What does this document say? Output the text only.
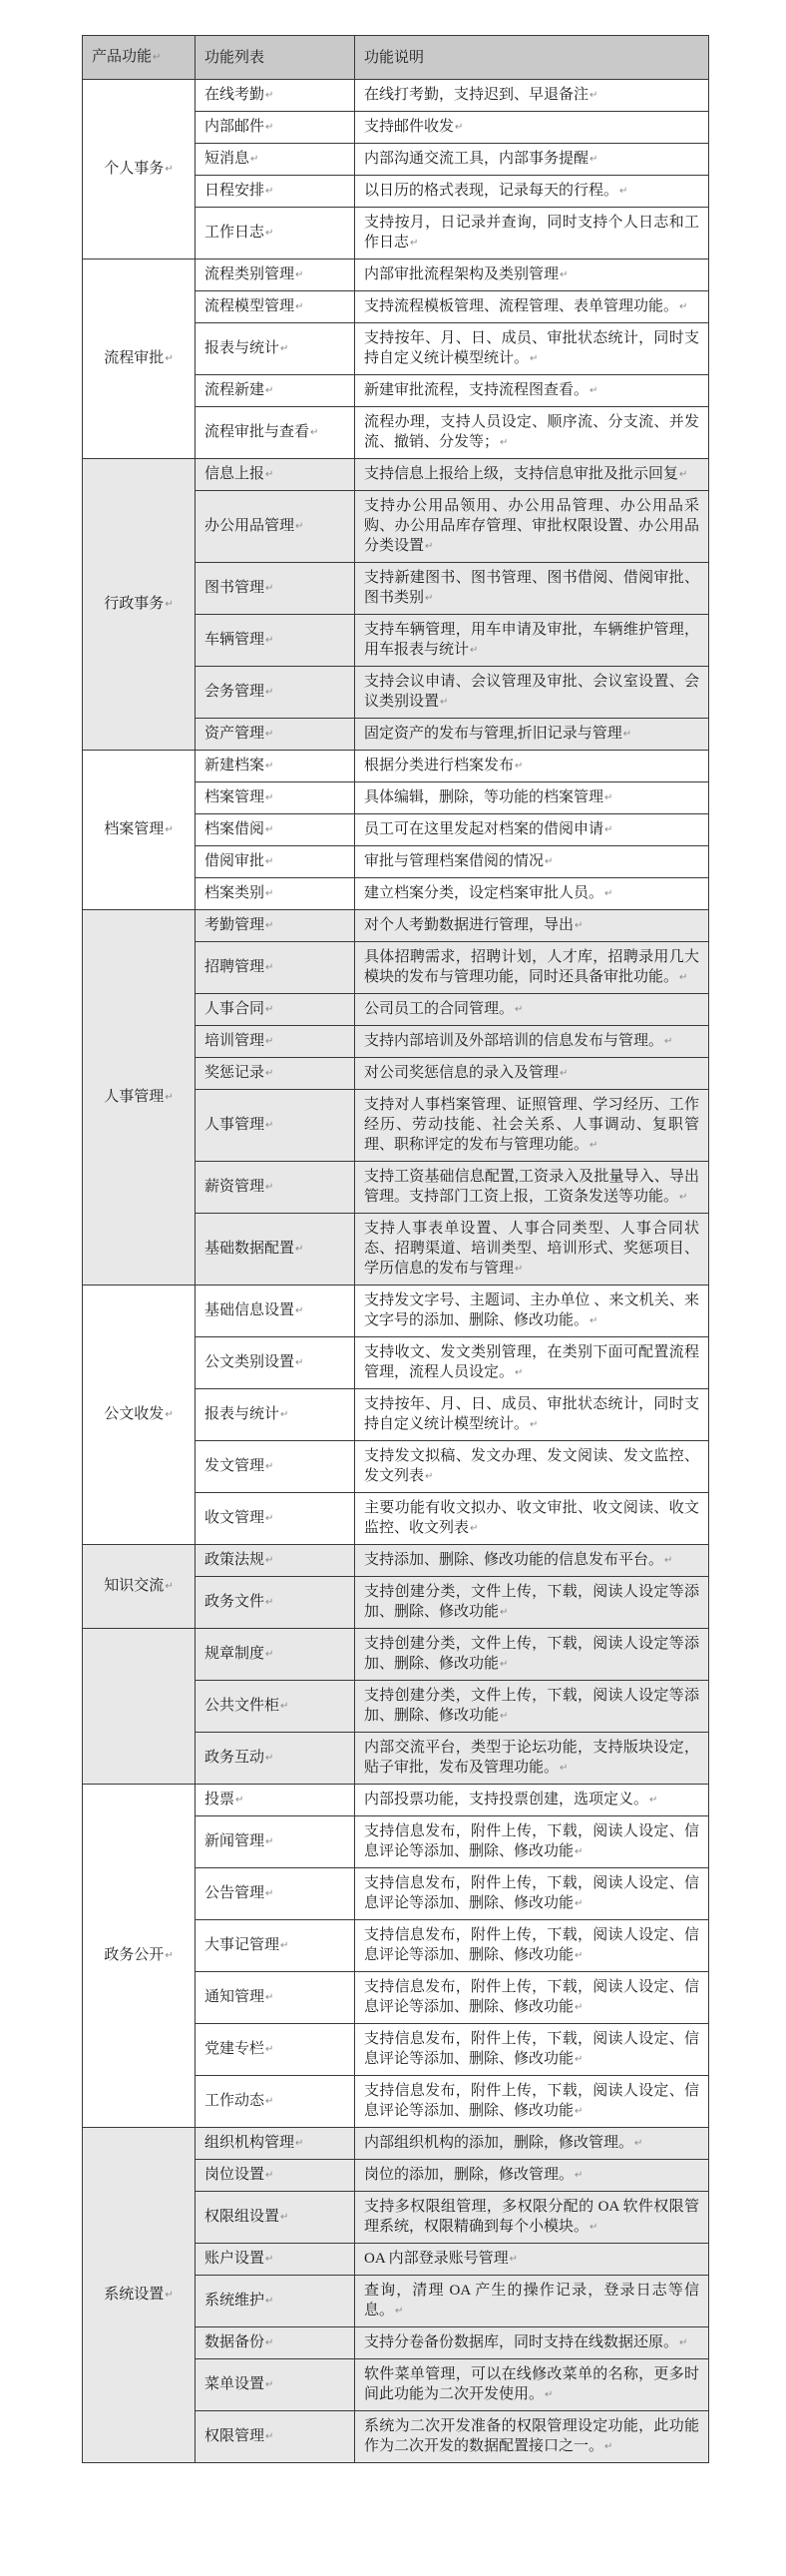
产品功能↵	功能列表	功能说明
个人事务↵	在线考勤↵	在线打考勤，支持迟到、早退备注↵
	内部邮件↵	支持邮件收发↵
	短消息↵	内部沟通交流工具，内部事务提醒↵
	日程安排↵	以日历的格式表现，记录每天的行程。↵
	工作日志↵	支持按月，日记录并查询，同时支持个人日志和工作日志↵
流程审批↵	流程类别管理↵	内部审批流程架构及类别管理↵
	流程模型管理↵	支持流程模板管理、流程管理、表单管理功能。↵
	报表与统计↵	支持按年、月、日、成员、审批状态统计，同时支持自定义统计模型统计。↵
	流程新建↵	新建审批流程，支持流程图查看。↵
	流程审批与查看↵	流程办理，支持人员设定、顺序流、分支流、并发流、撤销、分发等；↵
行政事务↵	信息上报↵	支持信息上报给上级，支持信息审批及批示回复↵
	办公用品管理↵	支持办公用品领用、办公用品管理、办公用品采购、办公用品库存管理、审批权限设置、办公用品分类设置↵
	图书管理↵	支持新建图书、图书管理、图书借阅、借阅审批、图书类别↵
	车辆管理↵	支持车辆管理，用车申请及审批，车辆维护管理，用车报表与统计↵
	会务管理↵	支持会议申请、会议管理及审批、会议室设置、会议类别设置↵
	资产管理↵	固定资产的发布与管理,折旧记录与管理↵
档案管理↵	新建档案↵	根据分类进行档案发布↵
	档案管理↵	具体编辑，删除，等功能的档案管理↵
	档案借阅↵	员工可在这里发起对档案的借阅申请↵
	借阅审批↵	审批与管理档案借阅的情况↵
	档案类别↵	建立档案分类，设定档案审批人员。↵
人事管理↵	考勤管理↵	对个人考勤数据进行管理，导出↵
	招聘管理↵	具体招聘需求，招聘计划，人才库，招聘录用几大模块的发布与管理功能，同时还具备审批功能。↵
	人事合同↵	公司员工的合同管理。↵
	培训管理↵	支持内部培训及外部培训的信息发布与管理。↵
	奖惩记录↵	对公司奖惩信息的录入及管理↵
	人事管理↵	支持对人事档案管理、证照管理、学习经历、工作经历、劳动技能、社会关系、人事调动、复职管理、职称评定的发布与管理功能。↵
	薪资管理↵	支持工资基础信息配置,工资录入及批量导入、导出管理。支持部门工资上报，工资条发送等功能。↵
	基础数据配置↵	支持人事表单设置、人事合同类型、人事合同状态、招聘渠道、培训类型、培训形式、奖惩项目、学历信息的发布与管理↵
公文收发↵	基础信息设置↵	支持发文字号、主题词、主办单位 、来文机关、来文字号的添加、删除、修改功能。↵
	公文类别设置↵	支持收文、发文类别管理，在类别下面可配置流程管理，流程人员设定。↵
	报表与统计↵	支持按年、月、日、成员、审批状态统计，同时支持自定义统计模型统计。↵
	发文管理↵	支持发文拟稿、发文办理、发文阅读、发文监控、发文列表↵
	收文管理↵	主要功能有收文拟办、收文审批、收文阅读、收文监控、收文列表↵
知识交流↵	政策法规↵	支持添加、删除、修改功能的信息发布平台。↵
	政务文件↵	支持创建分类，文件上传，下载，阅读人设定等添加、删除、修改功能↵
	规章制度↵	支持创建分类，文件上传，下载，阅读人设定等添加、删除、修改功能↵
	公共文件柜↵	支持创建分类，文件上传，下载，阅读人设定等添加、删除、修改功能↵
	政务互动↵	内部交流平台，类型于论坛功能，支持版块设定，贴子审批，发布及管理功能。↵
政务公开↵	投票↵	内部投票功能，支持投票创建，选项定义。↵
	新闻管理↵	支持信息发布，附件上传，下载，阅读人设定、信息评论等添加、删除、修改功能↵
	公告管理↵	支持信息发布，附件上传，下载，阅读人设定、信息评论等添加、删除、修改功能↵
	大事记管理↵	支持信息发布，附件上传，下载，阅读人设定、信息评论等添加、删除、修改功能↵
	通知管理↵	支持信息发布，附件上传，下载，阅读人设定、信息评论等添加、删除、修改功能↵
	党建专栏↵	支持信息发布，附件上传，下载，阅读人设定、信息评论等添加、删除、修改功能↵
	工作动态↵	支持信息发布，附件上传，下载，阅读人设定、信息评论等添加、删除、修改功能↵
系统设置↵	组织机构管理↵	内部组织机构的添加，删除，修改管理。↵
	岗位设置↵	岗位的添加，删除，修改管理。↵
	权限组设置↵	支持多权限组管理，多权限分配的 OA 软件权限管理系统，权限精确到每个小模块。↵
	账户设置↵	OA 内部登录账号管理↵
	系统维护↵	查询，清理 OA 产生的操作记录，登录日志等信息。↵
	数据备份↵	支持分卷备份数据库，同时支持在线数据还原。↵
	菜单设置↵	软件菜单管理，可以在线修改菜单的名称，更多时间此功能为二次开发使用。↵
	权限管理↵	系统为二次开发准备的权限管理设定功能，此功能作为二次开发的数据配置接口之一。↵
